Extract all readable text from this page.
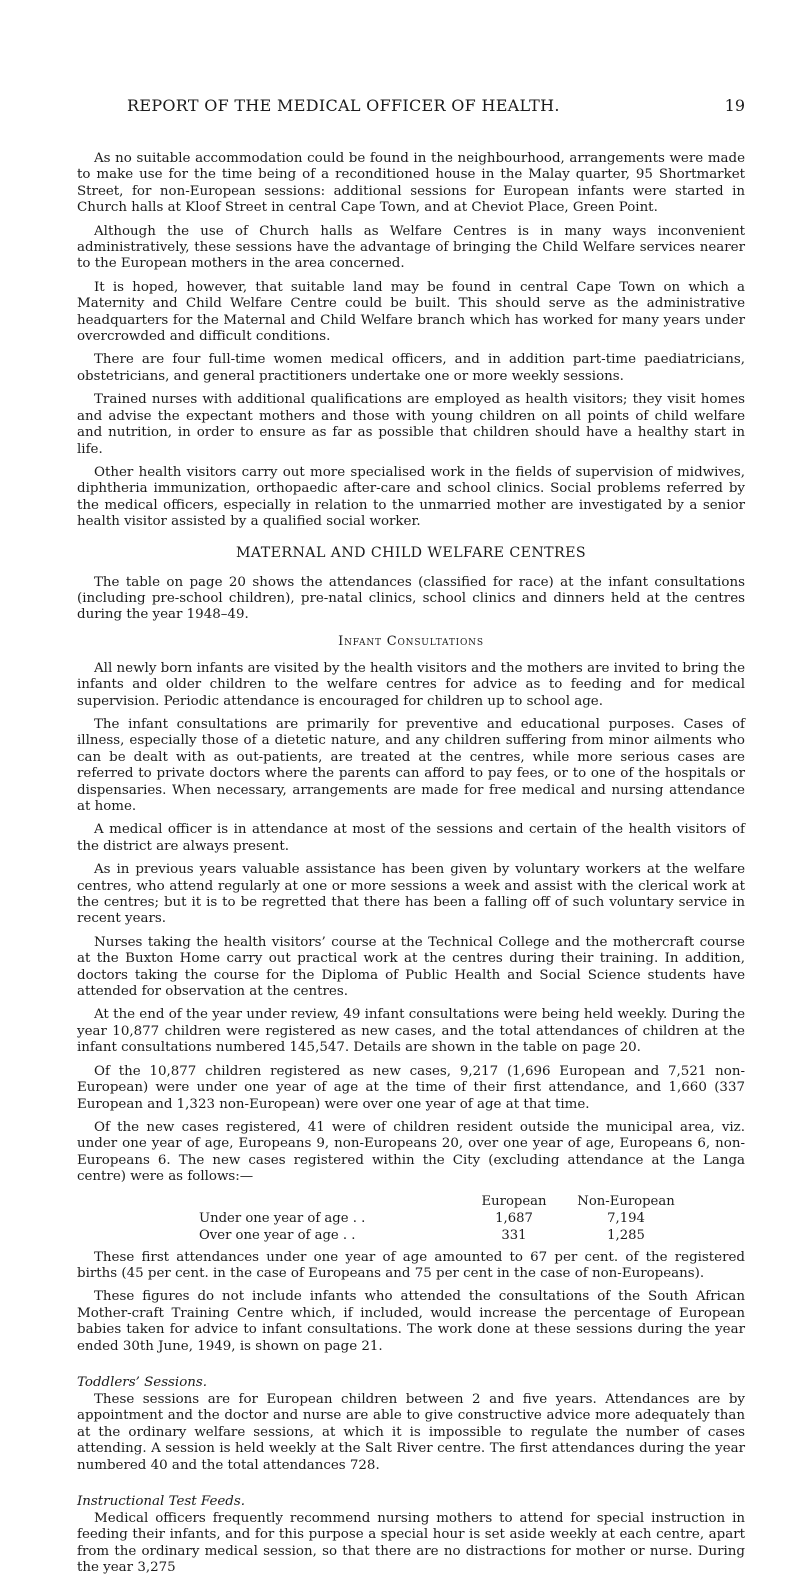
REPORT OF THE MEDICAL OFFICER OF HEALTH.	19

As no suitable accommodation could be found in the neighbourhood, arrangements were made to make use for the time being of a reconditioned house in the Malay quarter, 95 Shortmarket Street, for non-European sessions: additional sessions for European infants were started in Church halls at Kloof Street in central Cape Town, and at Cheviot Place, Green Point.

Although the use of Church halls as Welfare Centres is in many ways inconvenient administratively, these sessions have the advantage of bringing the Child Welfare services nearer to the European mothers in the area concerned.

It is hoped, however, that suitable land may be found in central Cape Town on which a Maternity and Child Welfare Centre could be built. This should serve as the administrative headquarters for the Maternal and Child Welfare branch which has worked for many years under overcrowded and difficult conditions.

There are four full-time women medical officers, and in addition part-time paediatricians, obstetricians, and general practitioners undertake one or more weekly sessions.

Trained nurses with additional qualifications are employed as health visitors; they visit homes and advise the expectant mothers and those with young children on all points of child welfare and nutrition, in order to ensure as far as possible that children should have a healthy start in life.

Other health visitors carry out more specialised work in the fields of supervision of midwives, diphtheria immunization, orthopaedic after-care and school clinics. Social problems referred by the medical officers, especially in relation to the unmarried mother are investigated by a senior health visitor assisted by a qualified social worker.

MATERNAL AND CHILD WELFARE CENTRES

The table on page 20 shows the attendances (classified for race) at the infant consultations (including pre-school children), pre-natal clinics, school clinics and dinners held at the centres during the year 1948–49.

Infant Consultations

All newly born infants are visited by the health visitors and the mothers are invited to bring the infants and older children to the welfare centres for advice as to feeding and for medical supervision. Periodic attendance is encouraged for children up to school age.

The infant consultations are primarily for preventive and educational purposes. Cases of illness, especially those of a dietetic nature, and any children suffering from minor ailments who can be dealt with as out-patients, are treated at the centres, while more serious cases are referred to private doctors where the parents can afford to pay fees, or to one of the hospitals or dispensaries. When necessary, arrangements are made for free medical and nursing attendance at home.

A medical officer is in attendance at most of the sessions and certain of the health visitors of the district are always present.

As in previous years valuable assistance has been given by voluntary workers at the welfare centres, who attend regularly at one or more sessions a week and assist with the clerical work at the centres; but it is to be regretted that there has been a falling off of such voluntary service in recent years.

Nurses taking the health visitors’ course at the Technical College and the mothercraft course at the Buxton Home carry out practical work at the centres during their training. In addition, doctors taking the course for the Diploma of Public Health and Social Science students have attended for observation at the centres.

At the end of the year under review, 49 infant consultations were being held weekly. During the year 10,877 children were registered as new cases, and the total attendances of children at the infant consultations numbered 145,547. Details are shown in the table on page 20.

Of the 10,877 children registered as new cases, 9,217 (1,696 European and 7,521 non-European) were under one year of age at the time of their first attendance, and 1,660 (337 European and 1,323 non-European) were over one year of age at that time.

Of the new cases registered, 41 were of children resident outside the municipal area, viz. under one year of age, Europeans 9, non-Europeans 20, over one year of age, Europeans 6, non-Europeans 6. The new cases registered within the City (excluding attendance at the Langa centre) were as follows:—

	European	Non-European
Under one year of age . .	1,687	7,194
Over one year of age . .	331	1,285

These first attendances under one year of age amounted to 67 per cent. of the registered births (45 per cent. in the case of Europeans and 75 per cent in the case of non-Europeans).

These figures do not include infants who attended the consultations of the South African Mother-craft Training Centre which, if included, would increase the percentage of European babies taken for advice to infant consultations. The work done at these sessions during the year ended 30th June, 1949, is shown on page 21.

Toddlers’ Sessions.

These sessions are for European children between 2 and five years. Attendances are by appointment and the doctor and nurse are able to give constructive advice more adequately than at the ordinary welfare sessions, at which it is impossible to regulate the number of cases attending. A session is held weekly at the Salt River centre. The first attendances during the year numbered 40 and the total attendances 728.

Instructional Test Feeds.

Medical officers frequently recommend nursing mothers to attend for special instruction in feeding their infants, and for this purpose a special hour is set aside weekly at each centre, apart from the ordinary medical session, so that there are no distractions for mother or nurse. During the year 3,275
